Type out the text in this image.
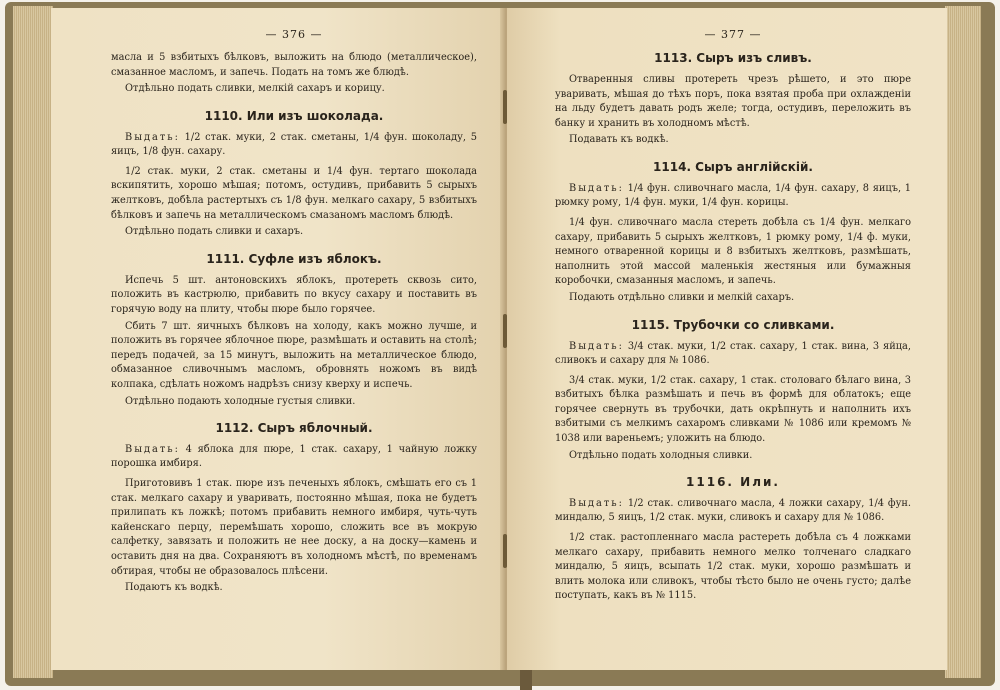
— 376 —

масла и 5 взбитыхъ бѣлковъ, выложить на блюдо (металлическое), смазанное масломъ, и запечь. Подать на томъ же блюдѣ.

Отдѣльно подать сливки, мелкій сахаръ и корицу.

1110. Или изъ шоколада.

Выдать: 1/2 стак. муки, 2 стак. сметаны, 1/4 фун. шоколаду, 5 яицъ, 1/8 фун. сахару.

1/2 стак. муки, 2 стак. сметаны и 1/4 фун. тертаго шоколада вскипятить, хорошо мѣшая; потомъ, остудивъ, прибавить 5 сырыхъ желтковъ, добѣла растертыхъ съ 1/8 фун. мелкаго сахару, 5 взбитыхъ бѣлковъ и запечь на металлическомъ смазаномъ масломъ блюдѣ.

Отдѣльно подать сливки и сахаръ.

1111. Суфле изъ яблокъ.

Испечь 5 шт. антоновскихъ яблокъ, протереть сквозь сито, положить въ кастрюлю, прибавить по вкусу сахару и поставить въ горячую воду на плиту, чтобы пюре было горячее.

Сбить 7 шт. яичныхъ бѣлковъ на холоду, какъ можно лучше, и положить въ горячее яблочное пюре, размѣшать и оставить на столѣ; передъ подачей, за 15 минутъ, выложить на металлическое блюдо, обмазанное сливочнымъ масломъ, обровнять ножомъ въ видѣ колпака, сдѣлать ножомъ надрѣзъ снизу кверху и испечь.

Отдѣльно подають холодные густыя сливки.

1112. Сыръ яблочный.

Выдать: 4 яблока для пюре, 1 стак. сахару, 1 чайную ложку порошка имбиря.

Приготовивъ 1 стак. пюре изъ печеныхъ яблокъ, смѣшать его съ 1 стак. мелкаго сахару и уваривать, постоянно мѣшая, пока не будетъ прилипать къ ложкѣ; потомъ прибавить немного имбиря, чуть-чуть кайенскаго перцу, перемѣшать хорошо, сложить все въ мокрую салфетку, завязать и положить не нее доску, а на доску—камень и оставить дня на два. Сохраняютъ въ холодномъ мѣстѣ, по временамъ обтирая, чтобы не образовалось плѣсени.

Подаютъ къ водкѣ.

— 377 —
1113. Сыръ изъ сливъ.

Отваренныя сливы протереть чрезъ рѣшето, и это пюре уваривать, мѣшая до тѣхъ поръ, пока взятая проба при охлажденіи на льду будетъ давать родъ желе; тогда, остудивъ, переложить въ банку и хранить въ холодномъ мѣстѣ.

Подавать къ водкѣ.

1114. Сыръ англійскій.

Выдать: 1/4 фун. сливочнаго масла, 1/4 фун. сахару, 8 яицъ, 1 рюмку рому, 1/4 фун. муки, 1/4 фун. корицы.

1/4 фун. сливочнаго масла стереть добѣла съ 1/4 фун. мелкаго сахару, прибавить 5 сырыхъ желтковъ, 1 рюмку рому, 1/4 ф. муки, немного отваренной корицы и 8 взбитыхъ желтковъ, размѣшать, наполнить этой массой маленькія жестяныя или бумажныя коробочки, смазанныя масломъ, и запечь.

Подають отдѣльно сливки и мелкій сахаръ.

1115. Трубочки со сливками.

Выдать: 3/4 стак. муки, 1/2 стак. сахару, 1 стак. вина, 3 яйца, сливокъ и сахару для № 1086.

3/4 стак. муки, 1/2 стак. сахару, 1 стак. столоваго бѣлаго вина, 3 взбитыхъ бѣлка размѣшать и печь въ формѣ для облатокъ; еще горячее свернуть въ трубочки, дать окрѣпнуть и наполнить ихъ взбитыми съ мелкимъ сахаромъ сливками № 1086 или кремомъ № 1038 или вареньемъ; уложить на блюдо.

Отдѣльно подать холодныя сливки.

1116. Или.

Выдать: 1/2 стак. сливочнаго масла, 4 ложки сахару, 1/4 фун. миндалю, 5 яицъ, 1/2 стак. муки, сливокъ и сахару для № 1086.

1/2 стак. растопленнаго масла растереть добѣла съ 4 ложками мелкаго сахару, прибавить немного мелко толченаго сладкаго миндалю, 5 яицъ, всыпать 1/2 стак. муки, хорошо размѣшать и влить молока или сливокъ, чтобы тѣсто было не очень густо; далѣе поступать, какъ въ № 1115.
